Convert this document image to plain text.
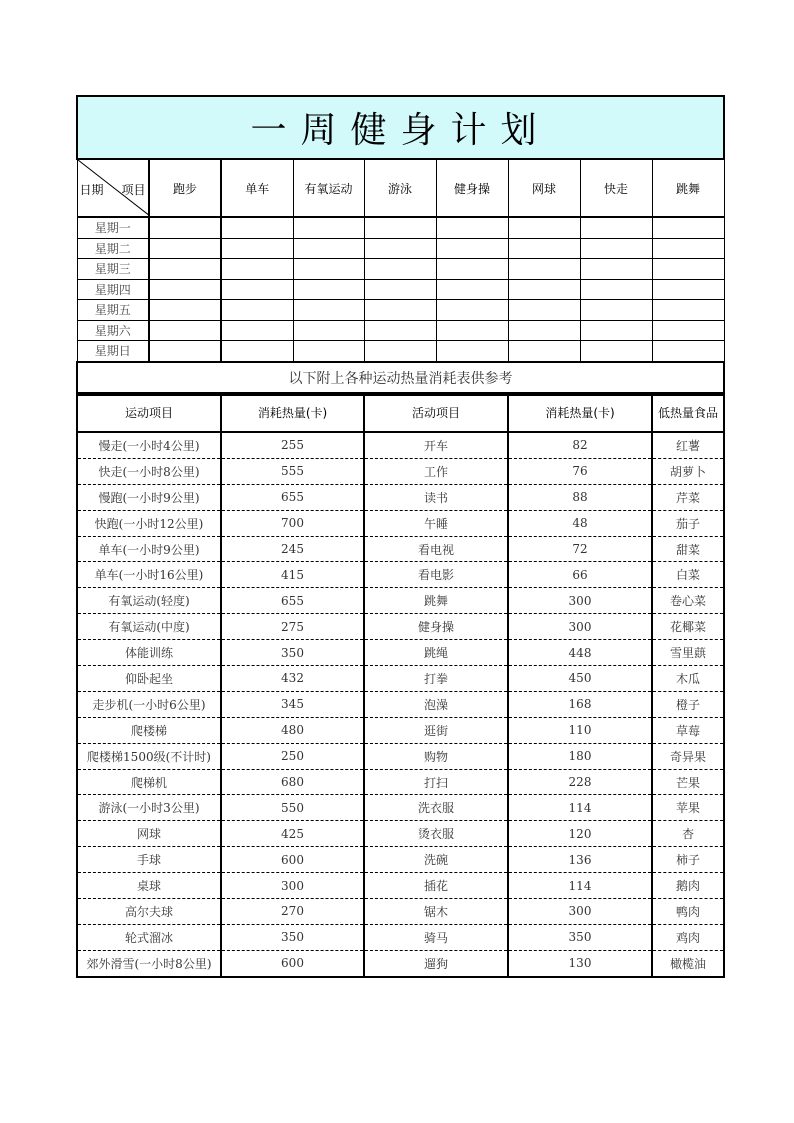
一周健身计划								

日期 项目	跑步	单车	有氧运动	游泳	健身操	网球	快走	跳舞
星期一								
星期二								
星期三								
星期四								
星期五								
星期六								
星期日								
以下附上各种运动热量消耗表供参考								
运动项目	消耗热量(卡)	活动项目	消耗热量(卡)	低热量食品
慢走(一小时4公里)	255	开车	82	红薯
快走(一小时8公里)	555	工作	76	胡萝卜
慢跑(一小时9公里)	655	读书	88	芹菜
快跑(一小时12公里)	700	午睡	48	茄子
单车(一小时9公里)	245	看电视	72	甜菜
单车(一小时16公里)	415	看电影	66	白菜
有氧运动(轻度)	655	跳舞	300	卷心菜
有氧运动(中度)	275	健身操	300	花椰菜
体能训练	350	跳绳	448	雪里蕻
仰卧起坐	432	打拳	450	木瓜
走步机(一小时6公里)	345	泡澡	168	橙子
爬楼梯	480	逛街	110	草莓
爬楼梯1500级(不计时)	250	购物	180	奇异果
爬梯机	680	打扫	228	芒果
游泳(一小时3公里)	550	洗衣服	114	苹果
网球	425	烫衣服	120	杏
手球	600	洗碗	136	柿子
桌球	300	插花	114	鹅肉
高尔夫球	270	锯木	300	鸭肉
轮式溜冰	350	骑马	350	鸡肉
郊外滑雪(一小时8公里)	600	遛狗	130	橄榄油
